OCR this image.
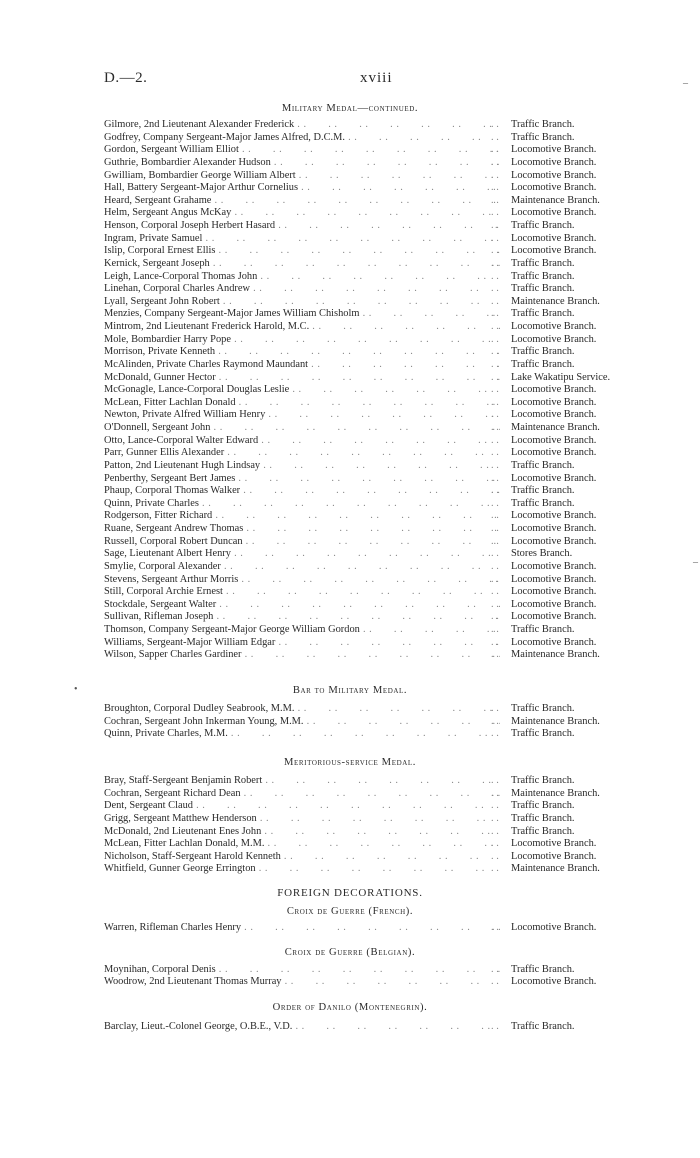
D.—2.	xviii
Military Medal—continued.
Gilmore, 2nd Lieutenant Alexander Frederick . .	. . Traffic Branch.
Godfrey, Company Sergeant-Major James Alfred, D.C.M. . .	. . Traffic Branch.
Gordon, Sergeant William Elliot . .	. . Locomotive Branch.
Guthrie, Bombardier Alexander Hudson . .	. . Locomotive Branch.
Gwilliam, Bombardier George William Albert . .	. . Locomotive Branch.
Hall, Battery Sergeant-Major Arthur Cornelius . .	. . Locomotive Branch.
Heard, Sergeant Grahame . .	. . Maintenance Branch.
Helm, Sergeant Angus McKay . .	. . Locomotive Branch.
Henson, Corporal Joseph Herbert Hasard . .	. . Traffic Branch.
Ingram, Private Samuel . .	. . Locomotive Branch.
Islip, Corporal Ernest Ellis . .	. . Locomotive Branch.
Kernick, Sergeant Joseph . .	. . Traffic Branch.
Leigh, Lance-Corporal Thomas John . .	. . Traffic Branch.
Linehan, Corporal Charles Andrew . .	. . Traffic Branch.
Lyall, Sergeant John Robert . .	. . Maintenance Branch.
Menzies, Company Sergeant-Major James William Chisholm . .	. . Traffic Branch.
Mintrom, 2nd Lieutenant Frederick Harold, M.C. . .	. . Locomotive Branch.
Mole, Bombardier Harry Pope . .	. . Locomotive Branch.
Morrison, Private Kenneth . .	. . Traffic Branch.
McAlinden, Private Charles Raymond Maundant . .	. . Traffic Branch.
McDonald, Gunner Hector . .	. . Lake Wakatipu Service.
McGonagle, Lance-Corporal Douglas Leslie . .	. . Locomotive Branch.
McLean, Fitter Lachlan Donald . .	. . Locomotive Branch.
Newton, Private Alfred William Henry . .	. . Locomotive Branch.
O'Donnell, Sergeant John . .	. . Maintenance Branch.
Otto, Lance-Corporal Walter Edward . .	. . Locomotive Branch.
Parr, Gunner Ellis Alexander . .	. . Locomotive Branch.
Patton, 2nd Lieutenant Hugh Lindsay . .	. . Traffic Branch.
Penberthy, Sergeant Bert James . .	. . Locomotive Branch.
Phaup, Corporal Thomas Walker . .	. . Traffic Branch.
Quinn, Private Charles . .	. . Traffic Branch.
Rodgerson, Fitter Richard . .	. . Locomotive Branch.
Ruane, Sergeant Andrew Thomas . .	. . Locomotive Branch.
Russell, Corporal Robert Duncan . .	. . Locomotive Branch.
Sage, Lieutenant Albert Henry . .	. . Stores Branch.
Smylie, Corporal Alexander . .	. . Locomotive Branch.
Stevens, Sergeant Arthur Morris . .	. . Locomotive Branch.
Still, Corporal Archie Ernest . .	. . Locomotive Branch.
Stockdale, Sergeant Walter . .	. . Locomotive Branch.
Sullivan, Rifleman Joseph . .	. . Locomotive Branch.
Thomson, Company Sergeant-Major George William Gordon . .	. . Traffic Branch.
Williams, Sergeant-Major William Edgar . .	. . Locomotive Branch.
Wilson, Sapper Charles Gardiner . .	. . Maintenance Branch.
Bar to Military Medal.
Broughton, Corporal Dudley Seabrook, M.M. . .	. . Traffic Branch.
Cochran, Sergeant John Inkerman Young, M.M. . .	. . Maintenance Branch.
Quinn, Private Charles, M.M. . .	. . Traffic Branch.
Meritorious-service Medal.
Bray, Staff-Sergeant Benjamin Robert . .	. . Traffic Branch.
Cochran, Sergeant Richard Dean . .	. . Maintenance Branch.
Dent, Sergeant Claud . .	. . Traffic Branch.
Grigg, Sergeant Matthew Henderson . .	. . Traffic Branch.
McDonald, 2nd Lieutenant Enes John . .	. . Traffic Branch.
McLean, Fitter Lachlan Donald, M.M. . .	. . Locomotive Branch.
Nicholson, Staff-Sergeant Harold Kenneth . .	. . Locomotive Branch.
Whitfield, Gunner George Errington . .	. . Maintenance Branch.
FOREIGN DECORATIONS.
Croix de Guerre (French).
Warren, Rifleman Charles Henry . .	. . Locomotive Branch.
Croix de Guerre (Belgian).
Moynihan, Corporal Denis . .	. . Traffic Branch.
Woodrow, 2nd Lieutenant Thomas Murray . .	. . Locomotive Branch.
Order of Danilo (Montenegrin).
Barclay, Lieut.-Colonel George, O.B.E., V.D. . .	. . Traffic Branch.
–
–
•
